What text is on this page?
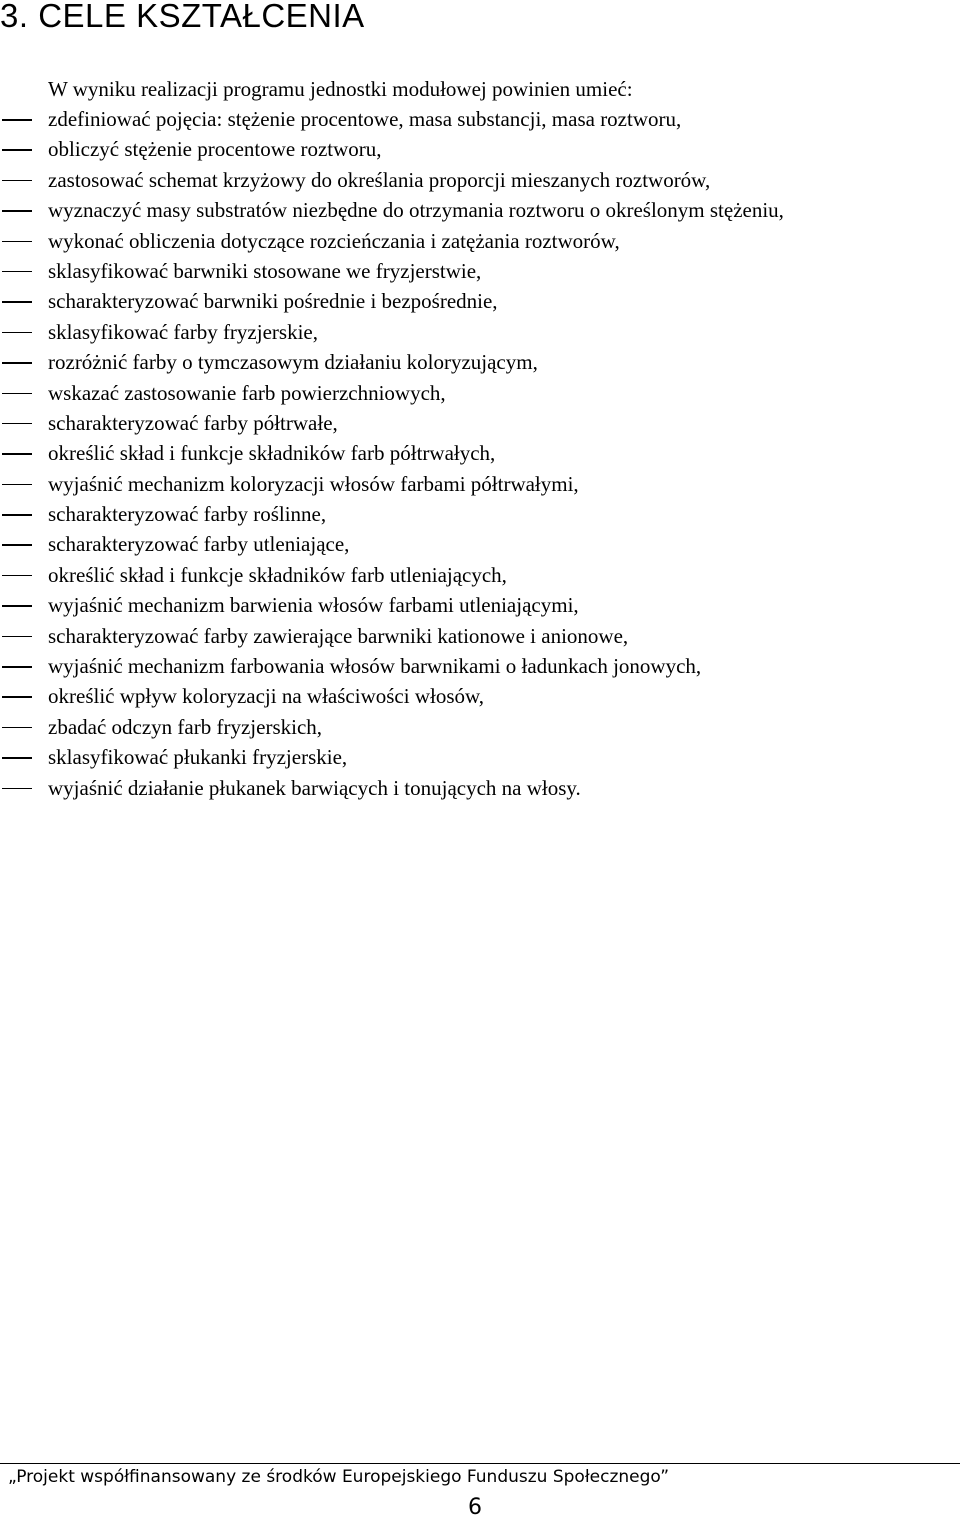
3. CELE KSZTAŁCENIA

W wyniku realizacji programu jednostki modułowej powinien umieć:

zdefiniować pojęcia: stężenie procentowe, masa substancji, masa roztworu,
obliczyć stężenie procentowe roztworu,
zastosować schemat krzyżowy do określania proporcji mieszanych roztworów,
wyznaczyć masy substratów niezbędne do otrzymania roztworu o określonym stężeniu,
wykonać obliczenia dotyczące rozcieńczania i zatężania roztworów,
sklasyfikować barwniki stosowane we fryzjerstwie,
scharakteryzować barwniki pośrednie i bezpośrednie,
sklasyfikować farby fryzjerskie,
rozróżnić farby o tymczasowym działaniu koloryzującym,
wskazać zastosowanie farb powierzchniowych,
scharakteryzować farby półtrwałe,
określić skład i funkcje składników farb półtrwałych,
wyjaśnić mechanizm koloryzacji włosów farbami półtrwałymi,
scharakteryzować farby roślinne,
scharakteryzować farby utleniające,
określić skład i funkcje składników farb utleniających,
wyjaśnić mechanizm barwienia włosów farbami utleniającymi,
scharakteryzować farby zawierające barwniki kationowe i anionowe,
wyjaśnić mechanizm farbowania włosów barwnikami o ładunkach jonowych,
określić wpływ koloryzacji na właściwości włosów,
zbadać odczyn farb fryzjerskich,
sklasyfikować płukanki fryzjerskie,
wyjaśnić działanie płukanek barwiących i tonujących na włosy.

„Projekt współfinansowany ze środków Europejskiego Funduszu Społecznego”

6
